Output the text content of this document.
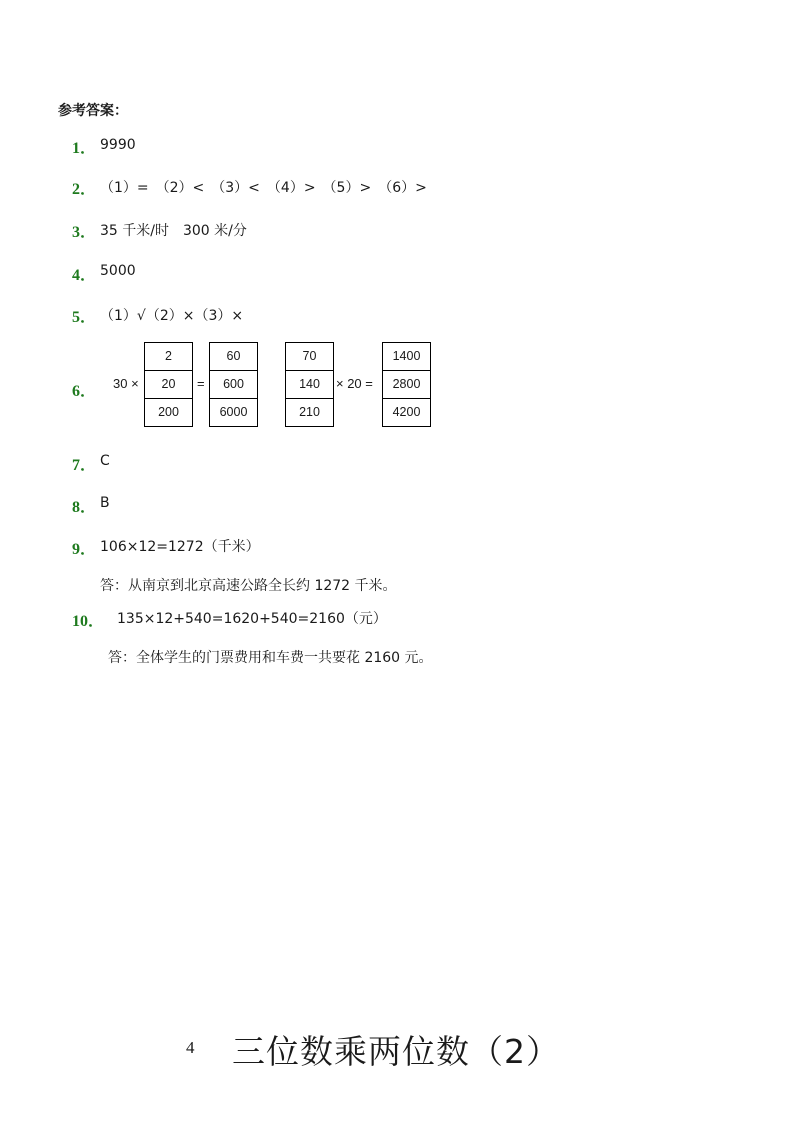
参考答案：
1． 9990
2． （1）=　（2）<　（3）<　（4）>　（5）>　（6）>
3． 35 千米/时　300 米/分
4． 5000
5． （1）√（2）×（3）×
6． 30 ×
2
20
200
=
60
600
6000
70
140
210
× 20 =
1400
2800
4200
7． C
8． B
9． 106×12=1272（千米）
答：从南京到北京高速公路全长约 1272 千米。
10． 135×12+540=1620+540=2160（元）
答：全体学生的门票费用和车费一共要花 2160 元。
4 三位数乘两位数（2）
